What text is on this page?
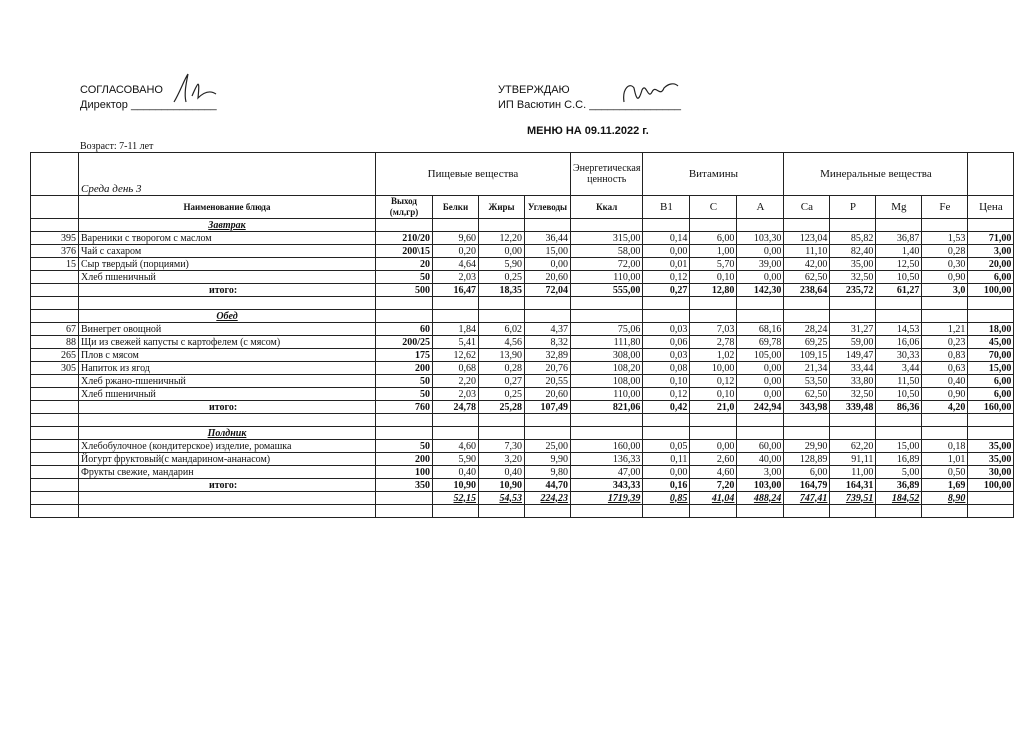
СОГЛАСОВАНО
Директор ______________
УТВЕРЖДАЮ
ИП Васютин С.С. _______________
МЕНЮ НА 09.11.2022 г.
Возраст: 7-11 лет
	Среда день 3	Пищевые вещества				Энергетическая ценность	Витамины			Минеральные вещества				
	Наименование блюда	Выход (мл,гр)	Белки	Жиры	Углеводы	Ккал	B1	C	A	Ca	P	Mg	Fe	Цена
	Завтрак													
395	Вареники с творогом с маслом	210/20	9,60	12,20	36,44	315,00	0,14	6,00	103,30	123,04	85,82	36,87	1,53	71,00
376	Чай с сахаром	200\15	0,20	0,00	15,00	58,00	0,00	1,00	0,00	11,10	82,40	1,40	0,28	3,00
15	Сыр твердый (порциями)	20	4,64	5,90	0,00	72,00	0,01	5,70	39,00	42,00	35,00	12,50	0,30	20,00
	Хлеб пшеничный	50	2,03	0,25	20,60	110,00	0,12	0,10	0,00	62,50	32,50	10,50	0,90	6,00
	итого:	500	16,47	18,35	72,04	555,00	0,27	12,80	142,30	238,64	235,72	61,27	3,0	100,00

	Обед													
67	Винегрет овощной	60	1,84	6,02	4,37	75,06	0,03	7,03	68,16	28,24	31,27	14,53	1,21	18,00
88	Щи из свежей капусты с картофелем (с мясом)	200/25	5,41	4,56	8,32	111,80	0,06	2,78	69,78	69,25	59,00	16,06	0,23	45,00
265	Плов с мясом	175	12,62	13,90	32,89	308,00	0,03	1,02	105,00	109,15	149,47	30,33	0,83	70,00
305	Напиток из ягод	200	0,68	0,28	20,76	108,20	0,08	10,00	0,00	21,34	33,44	3,44	0,63	15,00
	Хлеб ржано-пшеничный	50	2,20	0,27	20,55	108,00	0,10	0,12	0,00	53,50	33,80	11,50	0,40	6,00
	Хлеб пшеничный	50	2,03	0,25	20,60	110,00	0,12	0,10	0,00	62,50	32,50	10,50	0,90	6,00
	итого:	760	24,78	25,28	107,49	821,06	0,42	21,0	242,94	343,98	339,48	86,36	4,20	160,00

	Полдник													
	Хлебобулочное (кондитерское) изделие, ромашка	50	4,60	7,30	25,00	160,00	0,05	0,00	60,00	29,90	62,20	15,00	0,18	35,00
	Йогурт фруктовый(с мандарином-ананасом)	200	5,90	3,20	9,90	136,33	0,11	2,60	40,00	128,89	91,11	16,89	1,01	35,00
	Фрукты свежие, мандарин	100	0,40	0,40	9,80	47,00	0,00	4,60	3,00	6,00	11,00	5,00	0,50	30,00
	итого:	350	10,90	10,90	44,70	343,33	0,16	7,20	103,00	164,79	164,31	36,89	1,69	100,00
			52,15	54,53	224,23	1719,39	0,85	41,04	488,24	747,41	739,51	184,52	8,90	
